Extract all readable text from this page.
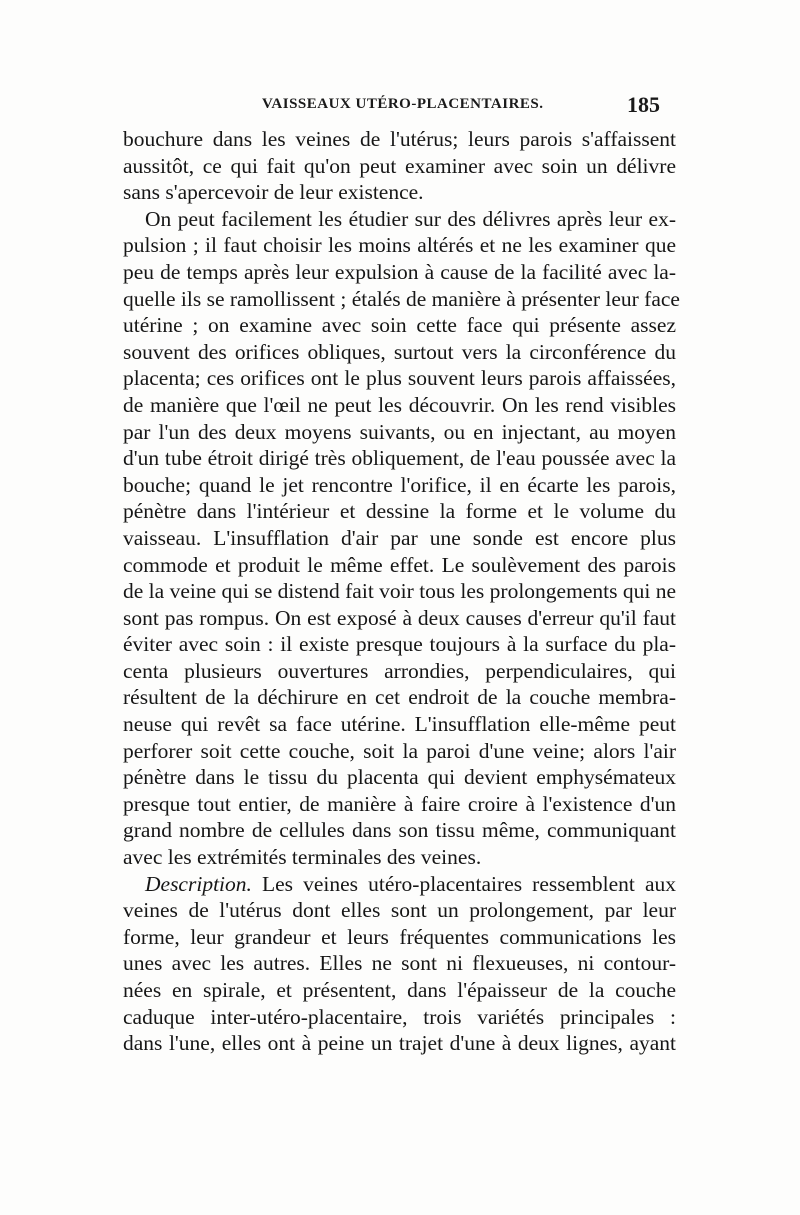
VAISSEAUX UTÉRO-PLACENTAIRES.	185
bouchure dans les veines de l'utérus; leurs parois s'affaissent
aussitôt, ce qui fait qu'on peut examiner avec soin un délivre
sans s'apercevoir de leur existence.
On peut facilement les étudier sur des délivres après leur ex-
pulsion ; il faut choisir les moins altérés et ne les examiner que
peu de temps après leur expulsion à cause de la facilité avec la-
quelle ils se ramollissent ; étalés de manière à présenter leur face
utérine ; on examine avec soin cette face qui présente assez
souvent des orifices obliques, surtout vers la circonférence du
placenta; ces orifices ont le plus souvent leurs parois affaissées,
de manière que l'œil ne peut les découvrir. On les rend visibles
par l'un des deux moyens suivants, ou en injectant, au moyen
d'un tube étroit dirigé très obliquement, de l'eau poussée avec la
bouche; quand le jet rencontre l'orifice, il en écarte les parois,
pénètre dans l'intérieur et dessine la forme et le volume du
vaisseau. L'insufflation d'air par une sonde est encore plus
commode et produit le même effet. Le soulèvement des parois
de la veine qui se distend fait voir tous les prolongements qui ne
sont pas rompus. On est exposé à deux causes d'erreur qu'il faut
éviter avec soin : il existe presque toujours à la surface du pla-
centa plusieurs ouvertures arrondies, perpendiculaires, qui
résultent de la déchirure en cet endroit de la couche membra-
neuse qui revêt sa face utérine. L'insufflation elle-même peut
perforer soit cette couche, soit la paroi d'une veine; alors l'air
pénètre dans le tissu du placenta qui devient emphysémateux
presque tout entier, de manière à faire croire à l'existence d'un
grand nombre de cellules dans son tissu même, communiquant
avec les extrémités terminales des veines.
Description. Les veines utéro-placentaires ressemblent aux
veines de l'utérus dont elles sont un prolongement, par leur
forme, leur grandeur et leurs fréquentes communications les
unes avec les autres. Elles ne sont ni flexueuses, ni contour-
nées en spirale, et présentent, dans l'épaisseur de la couche
caduque inter-utéro-placentaire, trois variétés principales :
dans l'une, elles ont à peine un trajet d'une à deux lignes, ayant
